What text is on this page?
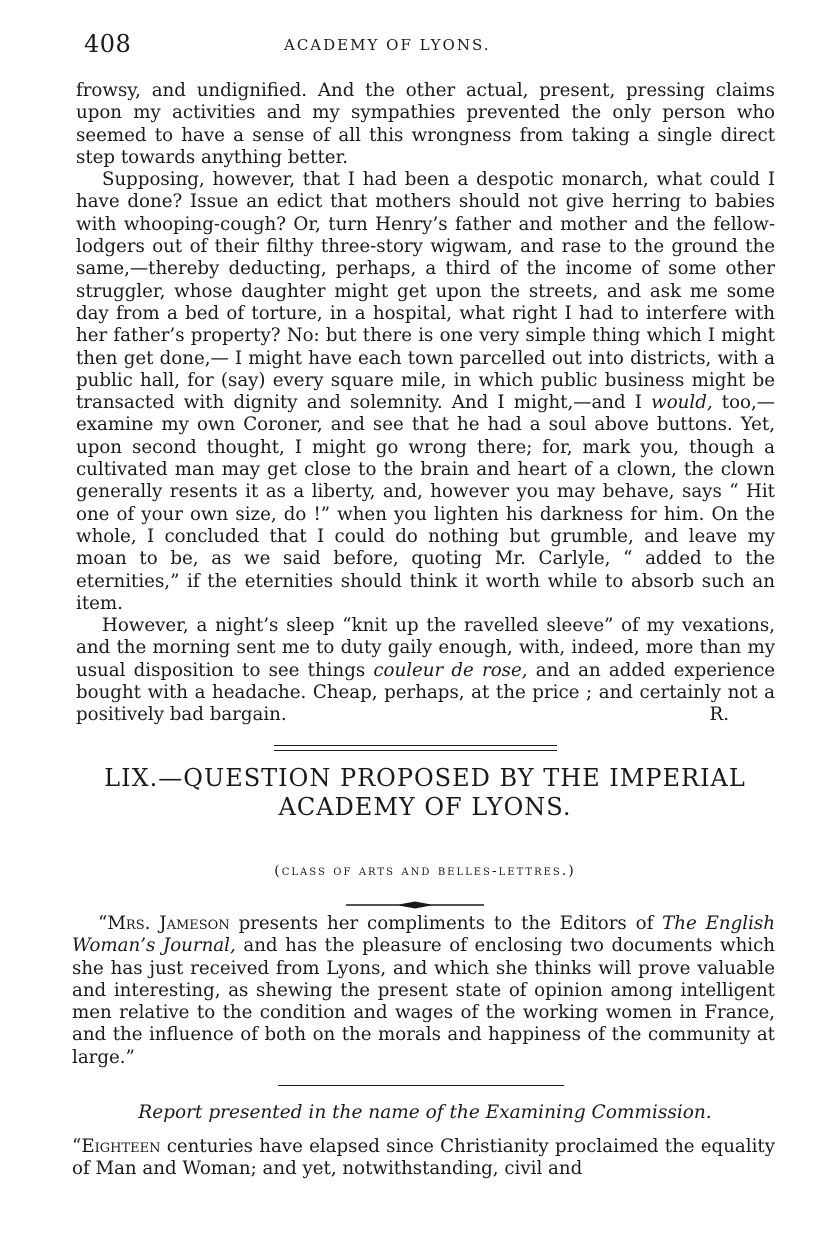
408	ACADEMY OF LYONS.

frowsy, and undignified. And the other actual, present, pressing claims upon my activities and my sympathies prevented the only person who seemed to have a sense of all this wrongness from taking a single direct step towards anything better.

Supposing, however, that I had been a despotic monarch, what could I have done? Issue an edict that mothers should not give herring to babies with whooping-cough? Or, turn Henry’s father and mother and the fellow-lodgers out of their filthy three-story wigwam, and rase to the ground the same,—thereby deducting, perhaps, a third of the income of some other struggler, whose daughter might get upon the streets, and ask me some day from a bed of torture, in a hospital, what right I had to interfere with her father’s property? No: but there is one very simple thing which I might then get done,— I might have each town parcelled out into districts, with a public hall, for (say) every square mile, in which public business might be transacted with dignity and solemnity. And I might,—and I would, too,—examine my own Coroner, and see that he had a soul above buttons. Yet, upon second thought, I might go wrong there; for, mark you, though a cultivated man may get close to the brain and heart of a clown, the clown generally resents it as a liberty, and, however you may behave, says “ Hit one of your own size, do !” when you lighten his darkness for him. On the whole, I concluded that I could do nothing but grumble, and leave my moan to be, as we said before, quoting Mr. Carlyle, “ added to the eternities,” if the eternities should think it worth while to absorb such an item.

However, a night’s sleep “knit up the ravelled sleeve” of my vexations, and the morning sent me to duty gaily enough, with, indeed, more than my usual disposition to see things couleur de rose, and an added experience bought with a headache. Cheap, perhaps, at the price ; and certainly not a positively bad bargain.	R.

LIX.—QUESTION PROPOSED BY THE IMPERIAL
ACADEMY OF LYONS.
(class of arts and belles-lettres.)

“Mrs. Jameson presents her compliments to the Editors of The English Woman’s Journal, and has the pleasure of enclosing two documents which she has just received from Lyons, and which she thinks will prove valuable and interesting, as shewing the present state of opinion among intelligent men relative to the condition and wages of the working women in France, and the influence of both on the morals and happiness of the community at large.”

Report presented in the name of the Examining Commission.

“Eighteen centuries have elapsed since Christianity proclaimed the equality of Man and Woman; and yet, notwithstanding, civil and
